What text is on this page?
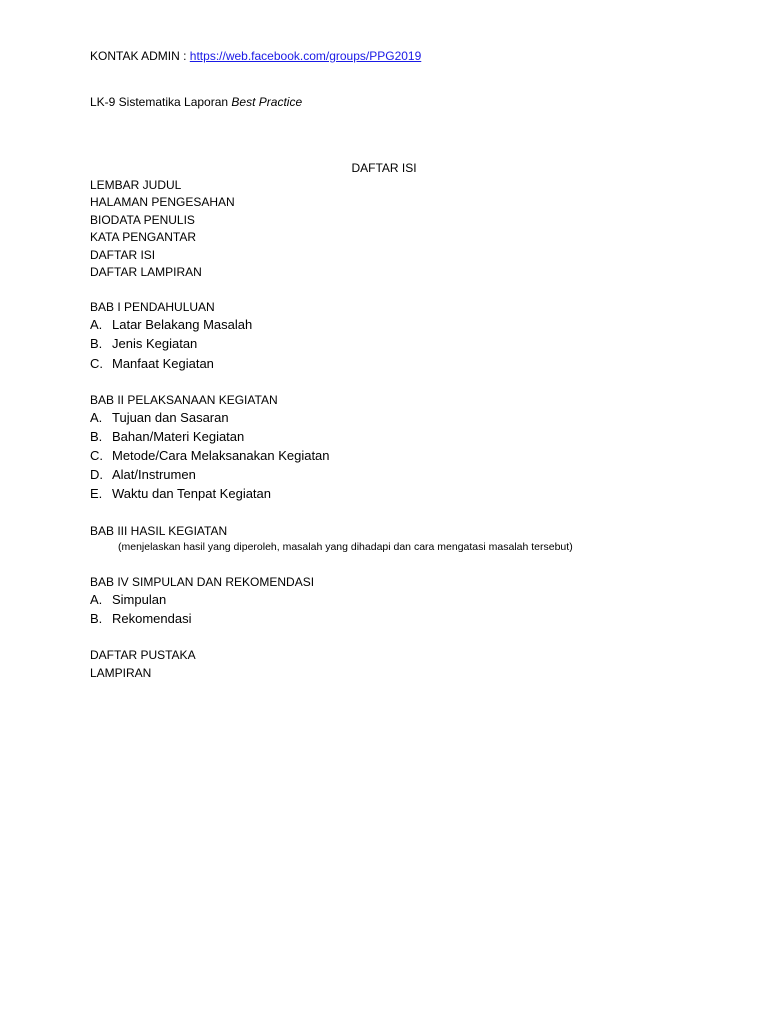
KONTAK ADMIN : https://web.facebook.com/groups/PPG2019
LK-9 Sistematika Laporan Best Practice
DAFTAR ISI
LEMBAR JUDUL
HALAMAN PENGESAHAN
BIODATA PENULIS
KATA PENGANTAR
DAFTAR ISI
DAFTAR LAMPIRAN
BAB I PENDAHULUAN
A. Latar Belakang Masalah
B. Jenis Kegiatan
C. Manfaat Kegiatan
BAB II PELAKSANAAN KEGIATAN
A. Tujuan dan Sasaran
B. Bahan/Materi Kegiatan
C. Metode/Cara Melaksanakan Kegiatan
D. Alat/Instrumen
E. Waktu dan Tenpat Kegiatan
BAB III HASIL KEGIATAN
(menjelaskan hasil yang diperoleh, masalah yang dihadapi dan cara mengatasi masalah tersebut)
BAB IV SIMPULAN DAN REKOMENDASI
A. Simpulan
B. Rekomendasi
DAFTAR PUSTAKA
LAMPIRAN
